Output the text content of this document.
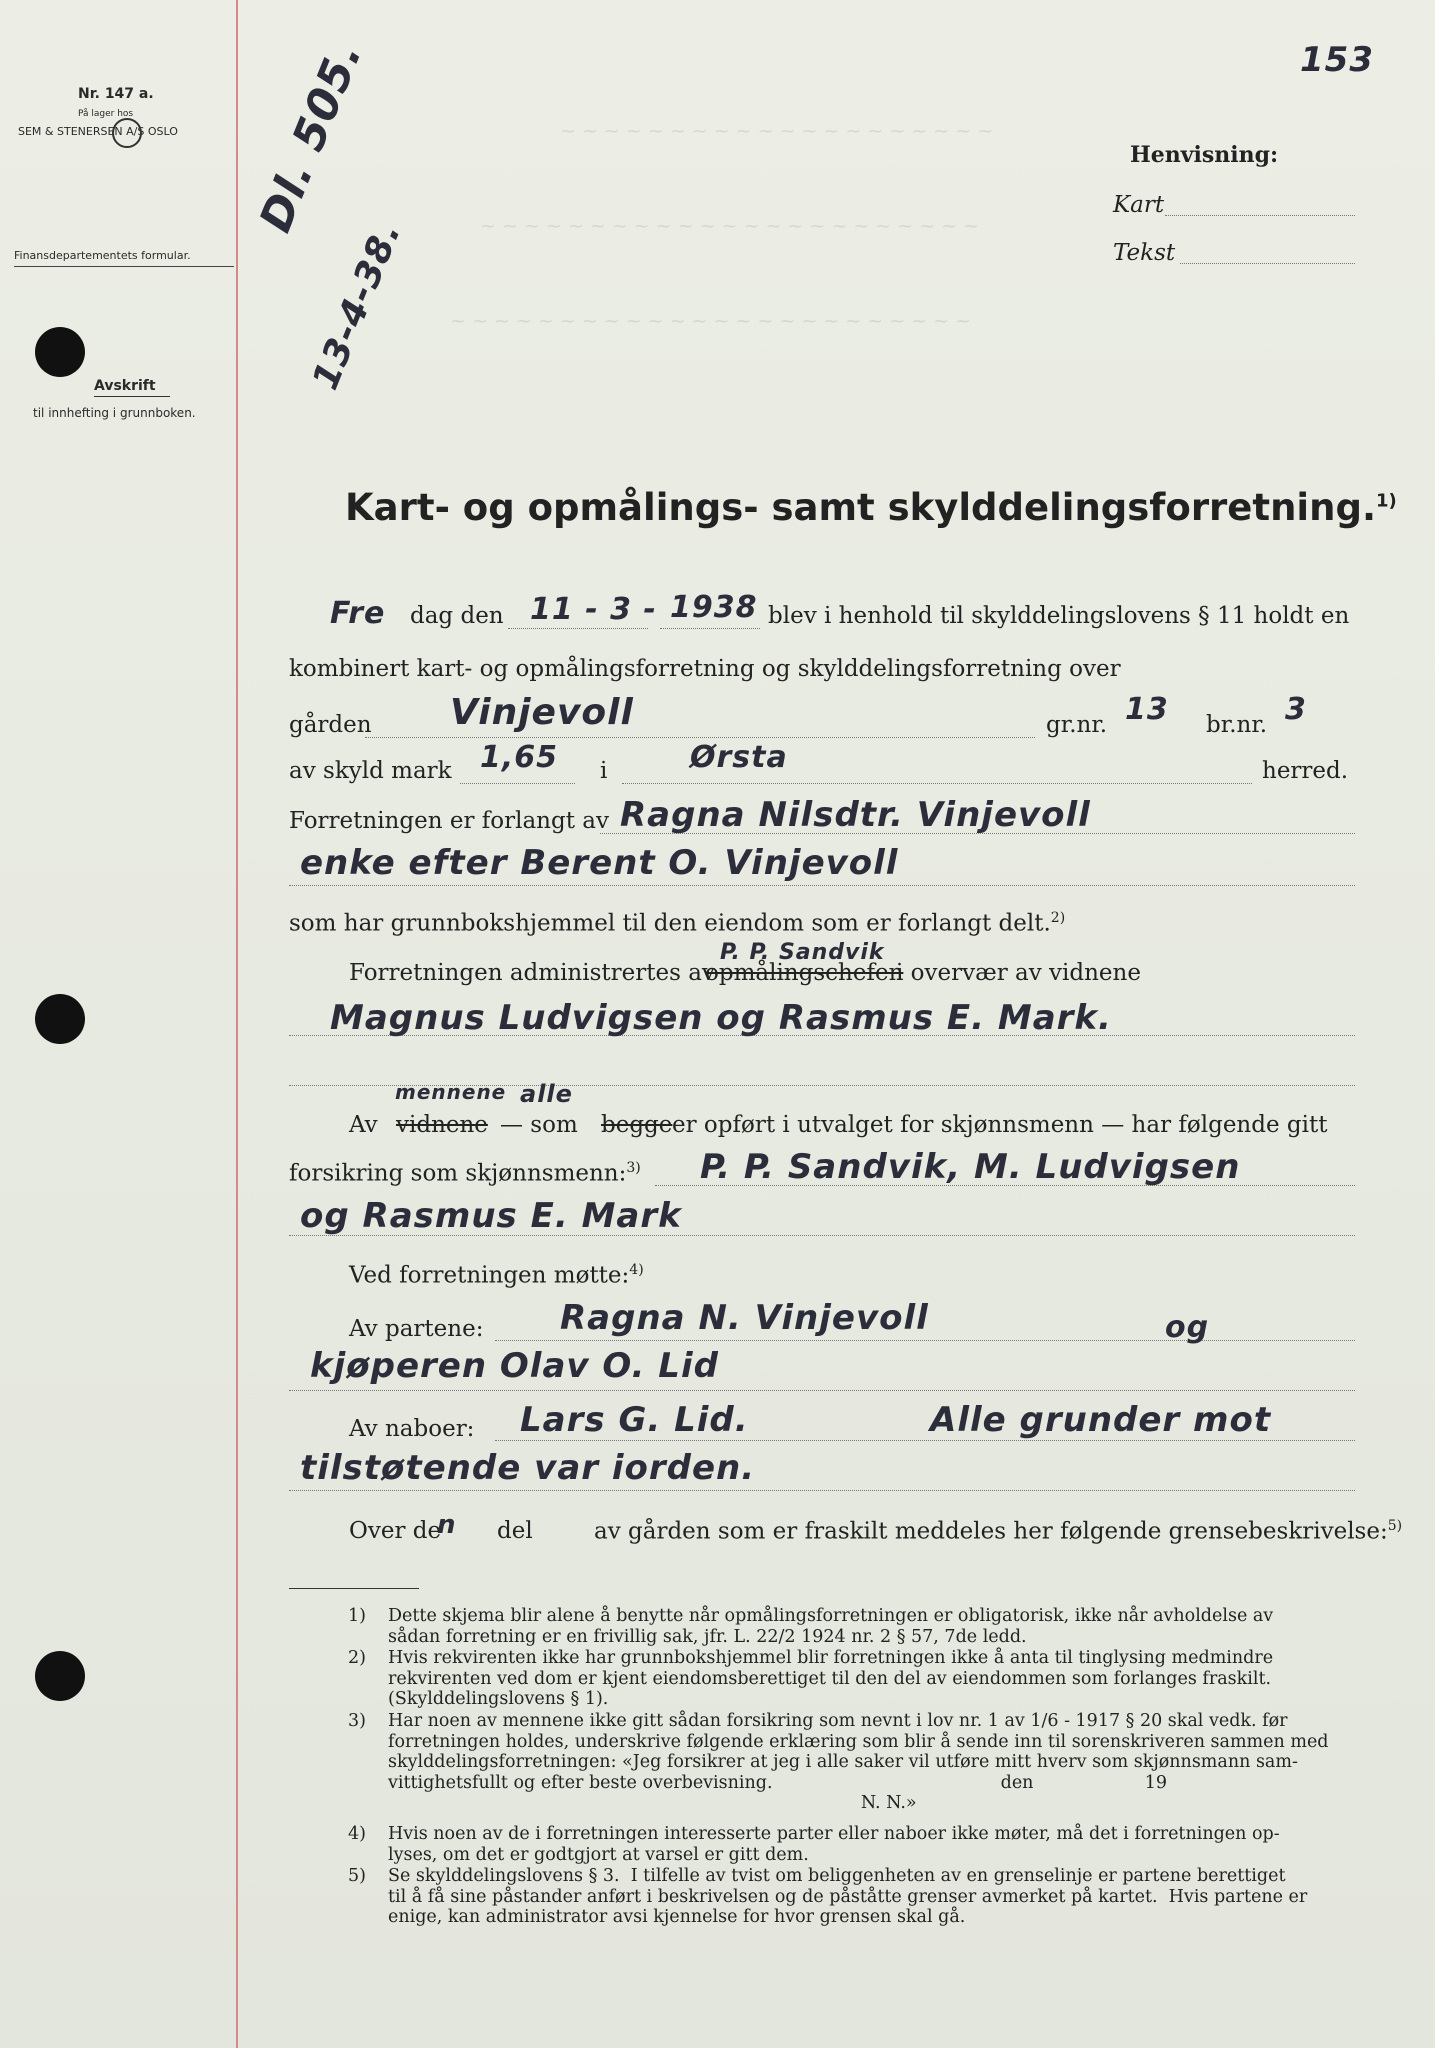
~ ~ ~ ~ ~ ~ ~ ~ ~ ~ ~ ~ ~ ~ ~ ~ ~ ~ ~ ~
~ ~ ~ ~ ~ ~ ~ ~ ~ ~ ~ ~ ~ ~ ~ ~ ~ ~ ~ ~ ~ ~ ~
~ ~ ~ ~ ~ ~ ~ ~ ~ ~ ~ ~ ~ ~ ~ ~ ~ ~ ~ ~ ~ ~ ~ ~
153
Nr. 147 a.
På lager hos
SEM & STENERSEN A/S OSLO
Finansdepartementets formular.
Avskrift
til innhefting i grunnboken.
Dl. 505.
13-4-38.
Henvisning:
Kart
Tekst
Kart- og opmålings- samt skylddelingsforretning.$^{1)}$
Fre dag den 11 - 3 - 1938 blev i henhold til skylddelingslovens § 11 holdt en
kombinert kart- og opmålingsforretning og skylddelingsforretning over
gården Vinjevoll	gr.nr. 13 br.nr. 3
av skyld mark 1,65 i	Ørsta	herred.
Forretningen er forlangt av Ragna Nilsdtr. Vinjevoll
enke efter Berent O. Vinjevoll
som har grunnbokshjemmel til den eiendom som er forlangt delt.$^{2)}$
P. P. Sandvik
Forretningen administrertes av
opmålingschefen
i overvær av vidnene
Magnus Ludvigsen og Rasmus E. Mark.
mennene alle
Av vidnene — som begge er opført i utvalget for skjønnsmenn — har følgende gitt
forsikring som skjønnsmenn:$^{3)}$ P. P. Sandvik, M. Ludvigsen
og Rasmus E. Mark
Ved forretningen møtte:$^{4)}$
Av partene: Ragna N. Vinjevoll	og
kjøperen Olav O. Lid
Av naboer: Lars G. Lid.	Alle grunder mot
tilstøtende var iorden.
Over de
n del	av gården som er fraskilt meddeles her følgende grensebeskrivelse:$^{5)}$
1) Dette skjema blir alene å benytte når opmålingsforretningen er obligatorisk, ikke når avholdelse av
sådan forretning er en frivillig sak, jfr. L. 22/2 1924 nr. 2 § 57, 7de ledd.
2) Hvis rekvirenten ikke har grunnbokshjemmel blir forretningen ikke å anta til tinglysing medmindre
rekvirenten ved dom er kjent eiendomsberettiget til den del av eiendommen som forlanges fraskilt.
(Skylddelingslovens § 1).
3) Har noen av mennene ikke gitt sådan forsikring som nevnt i lov nr. 1 av 1/6 - 1917 § 20 skal vedk. før
forretningen holdes, underskrive følgende erklæring som blir å sende inn til sorenskriveren sammen med
skylddelingsforretningen: «Jeg forsikrer at jeg i alle saker vil utføre mitt hverv som skjønnsmann sam-
vittighetsfullt og efter beste overbevisning.                                         den                    19
N. N.»
4) Hvis noen av de i forretningen interesserte parter eller naboer ikke møter, må det i forretningen op-
lyses, om det er godtgjort at varsel er gitt dem.
5) Se skylddelingslovens § 3.  I tilfelle av tvist om beliggenheten av en grenselinje er partene berettiget
til å få sine påstander anført i beskrivelsen og de påståtte grenser avmerket på kartet.  Hvis partene er
enige, kan administrator avsi kjennelse for hvor grensen skal gå.
